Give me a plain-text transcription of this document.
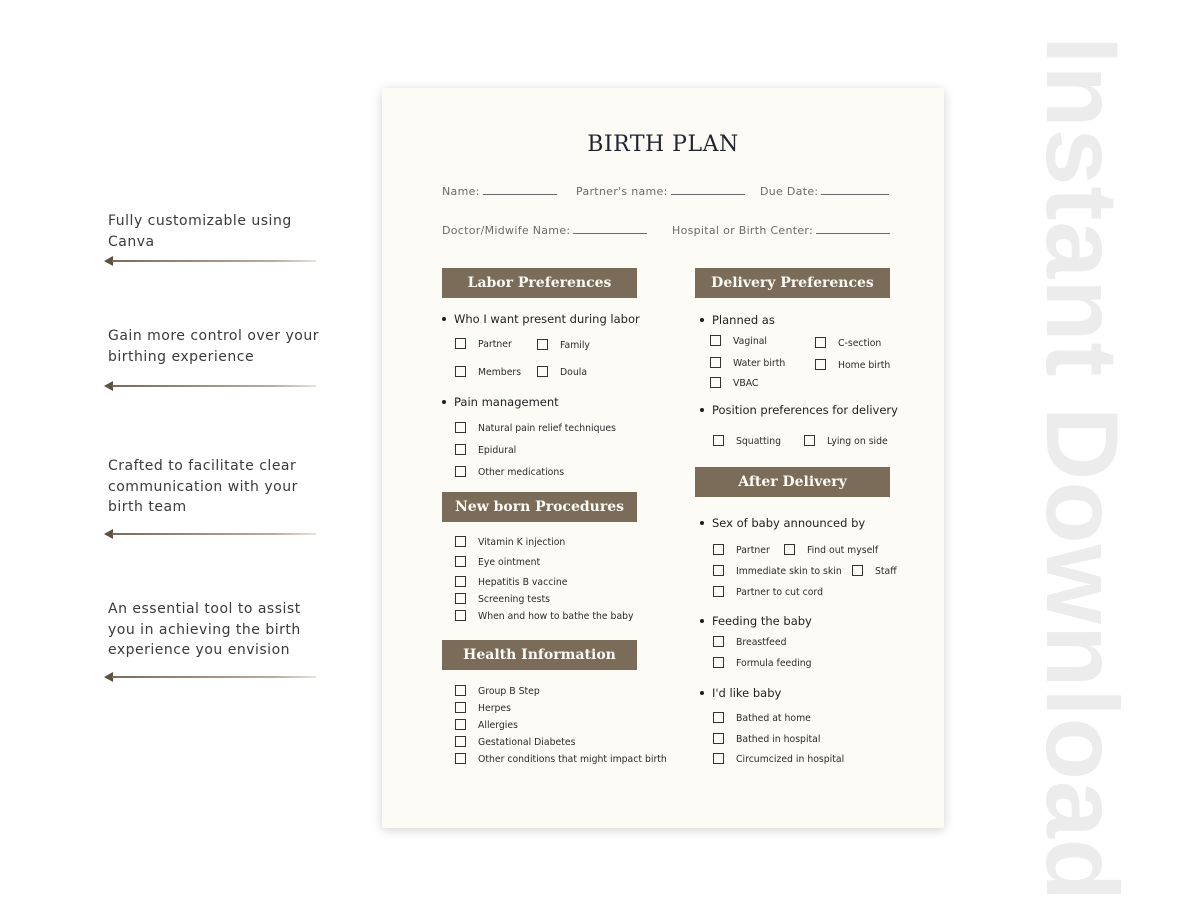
Fully customizable using Canva
Gain more control over your birthing experience
Crafted to facilitate clear communication with your birth team
An essential tool to assist you in achieving the birth experience you envision	Instant Download
BIRTH PLAN
Name:	Partner's name:	Due Date:
Doctor/Midwife Name:	Hospital or Birth Center:
Labor Preferences
Who I want present during labor
Partner	Family
Members	Doula
Pain management
Natural pain relief techniques
Epidural
Other medications
New born Procedures
Vitamin K injection
Eye ointment
Hepatitis B vaccine
Screening tests
When and how to bathe the baby
Health Information
Group B Step
Herpes
Allergies
Gestational Diabetes
Other conditions that might impact birth
Delivery Preferences
Planned as
Vaginal	C-section
Water birth	Home birth
VBAC
Position preferences for delivery
Squatting	Lying on side
After Delivery
Sex of baby announced by
Partner	Find out myself
Immediate skin to skin	Staff
Partner to cut cord
Feeding the baby
Breastfeed
Formula feeding
I'd like baby
Bathed at home
Bathed in hospital
Circumcized in hospital
